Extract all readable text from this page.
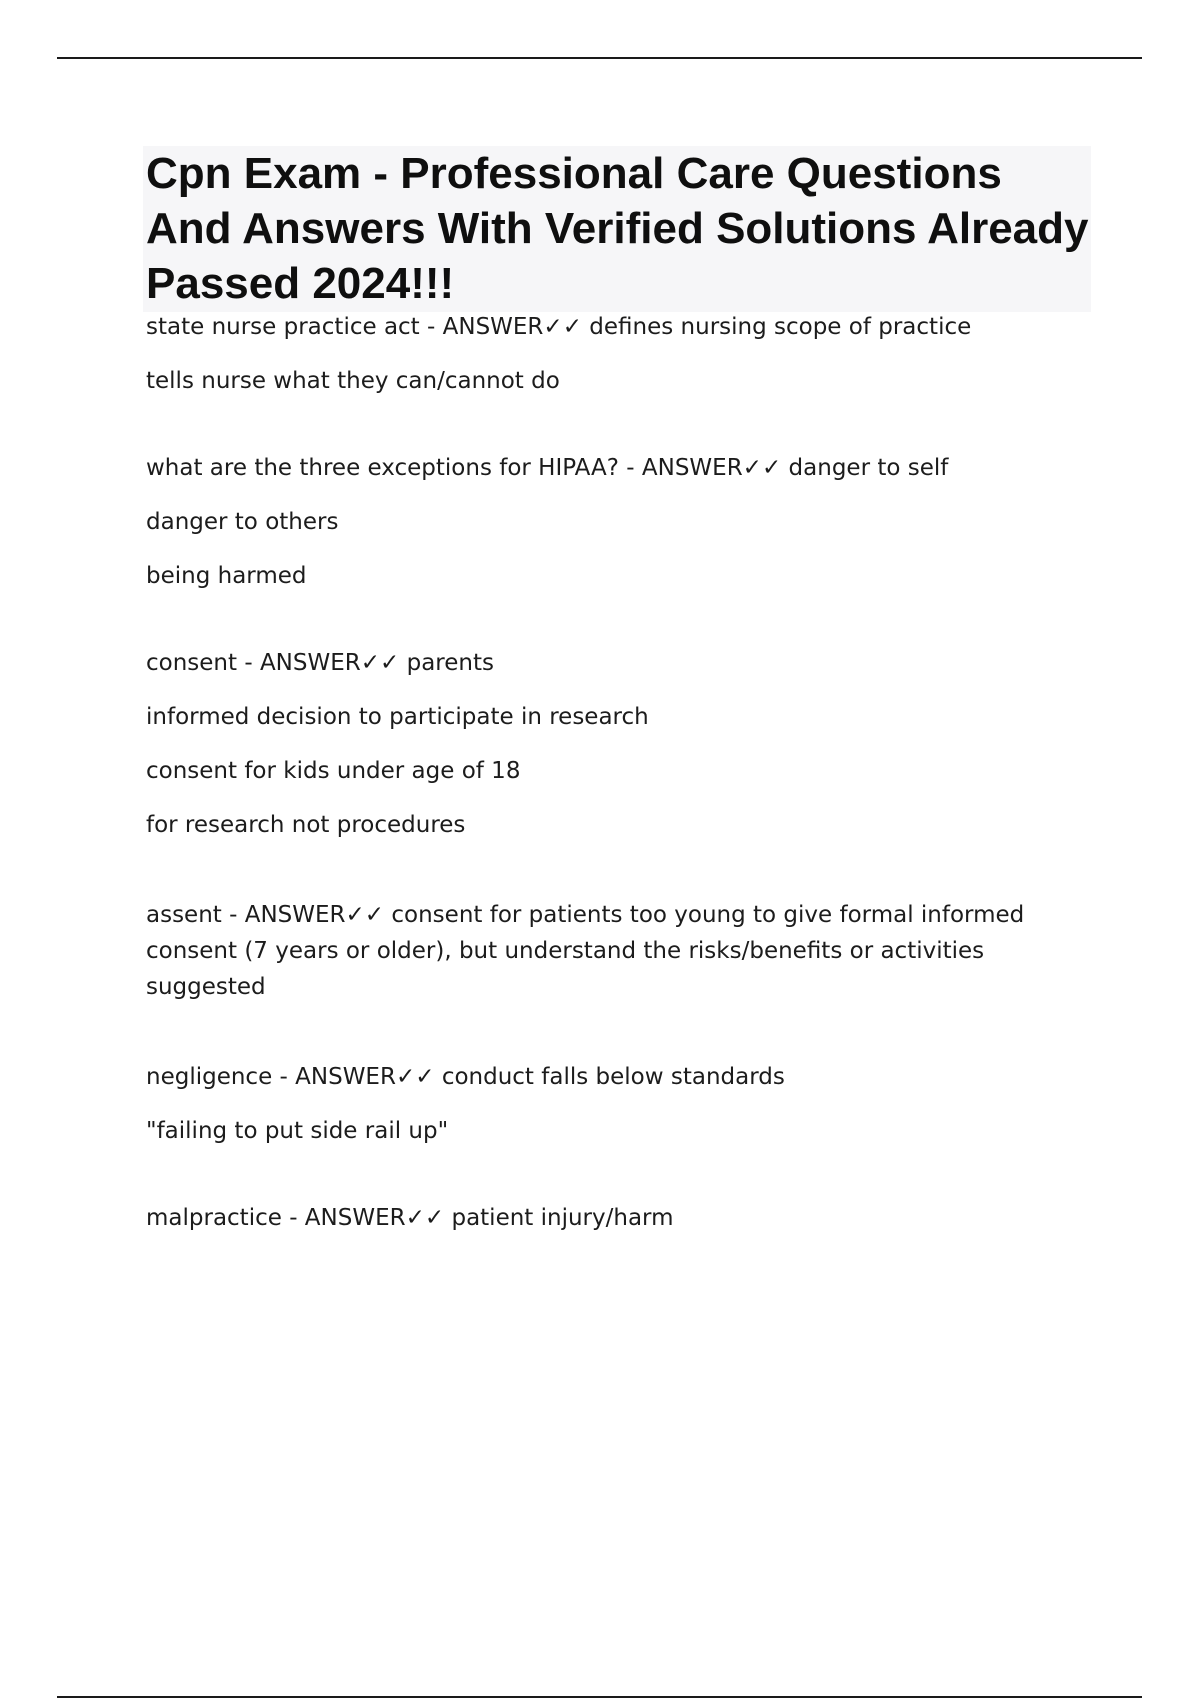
Cpn Exam - Professional Care Questions And Answers With Verified Solutions Already Passed 2024!!!
state nurse practice act - ANSWER✓✓ defines nursing scope of practice
tells nurse what they can/cannot do
what are the three exceptions for HIPAA? - ANSWER✓✓ danger to self
danger to others
being harmed
consent - ANSWER✓✓ parents
informed decision to participate in research
consent for kids under age of 18
for research not procedures
assent - ANSWER✓✓ consent for patients too young to give formal informed consent (7 years or older), but understand the risks/benefits or activities suggested
negligence - ANSWER✓✓ conduct falls below standards
"failing to put side rail up"
malpractice - ANSWER✓✓ patient injury/harm
